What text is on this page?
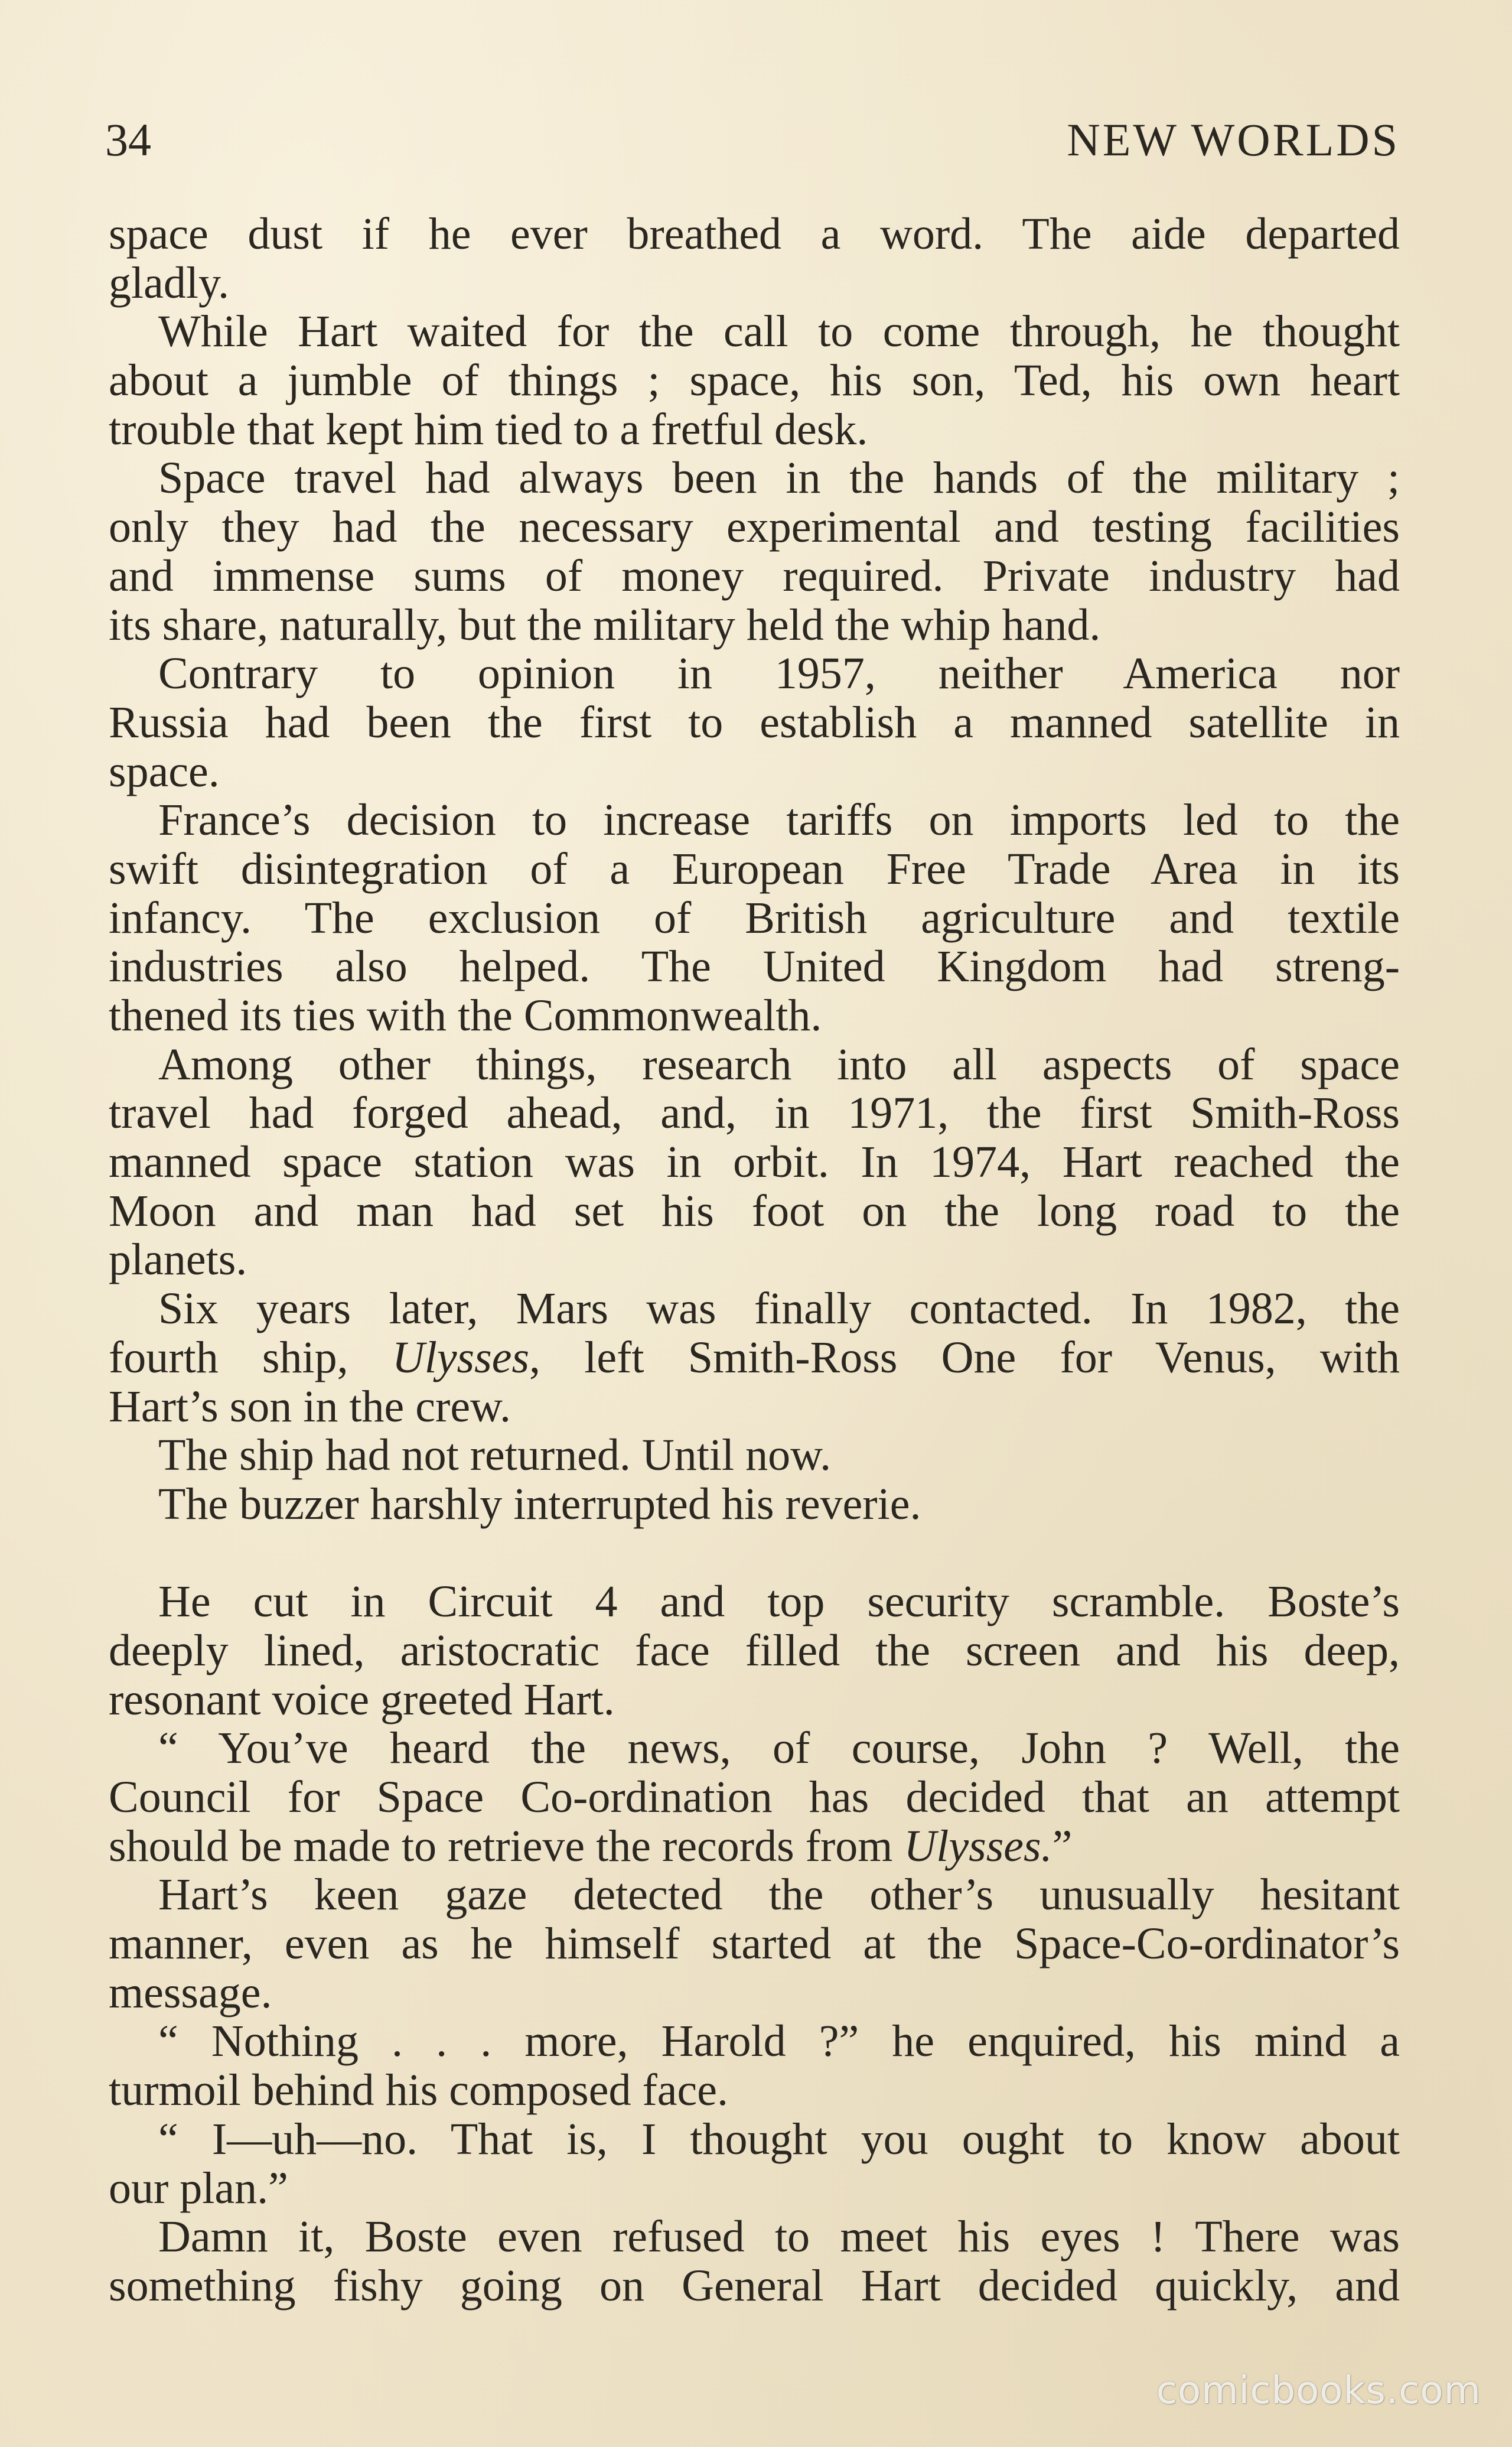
34	NEW WORLDS
space dust if he ever breathed a word. The aide departed
gladly.
While Hart waited for the call to come through, he thought
about a jumble of things ; space, his son, Ted, his own heart
trouble that kept him tied to a fretful desk.
Space travel had always been in the hands of the military ;
only they had the necessary experimental and testing facilities
and immense sums of money required. Private industry had
its share, naturally, but the military held the whip hand.
Contrary to opinion in 1957, neither America nor
Russia had been the first to establish a manned satellite in
space.
France’s decision to increase tariffs on imports led to the
swift disintegration of a European Free Trade Area in its
infancy. The exclusion of British agriculture and textile
industries also helped. The United Kingdom had streng-
thened its ties with the Commonwealth.
Among other things, research into all aspects of space
travel had forged ahead, and, in 1971, the first Smith-Ross
manned space station was in orbit. In 1974, Hart reached the
Moon and man had set his foot on the long road to the
planets.
Six years later, Mars was finally contacted. In 1982, the
fourth ship, Ulysses, left Smith-Ross One for Venus, with
Hart’s son in the crew.
The ship had not returned. Until now.
The buzzer harshly interrupted his reverie.
He cut in Circuit 4 and top security scramble. Boste’s
deeply lined, aristocratic face filled the screen and his deep,
resonant voice greeted Hart.
“ You’ve heard the news, of course, John ? Well, the
Council for Space Co-ordination has decided that an attempt
should be made to retrieve the records from Ulysses.”
Hart’s keen gaze detected the other’s unusually hesitant
manner, even as he himself started at the Space-Co-ordinator’s
message.
“ Nothing . . . more, Harold ?” he enquired, his mind a
turmoil behind his composed face.
“ I—uh—no. That is, I thought you ought to know about
our plan.”
Damn it, Boste even refused to meet his eyes ! There was
something fishy going on General Hart decided quickly, and
comicbooks.com
